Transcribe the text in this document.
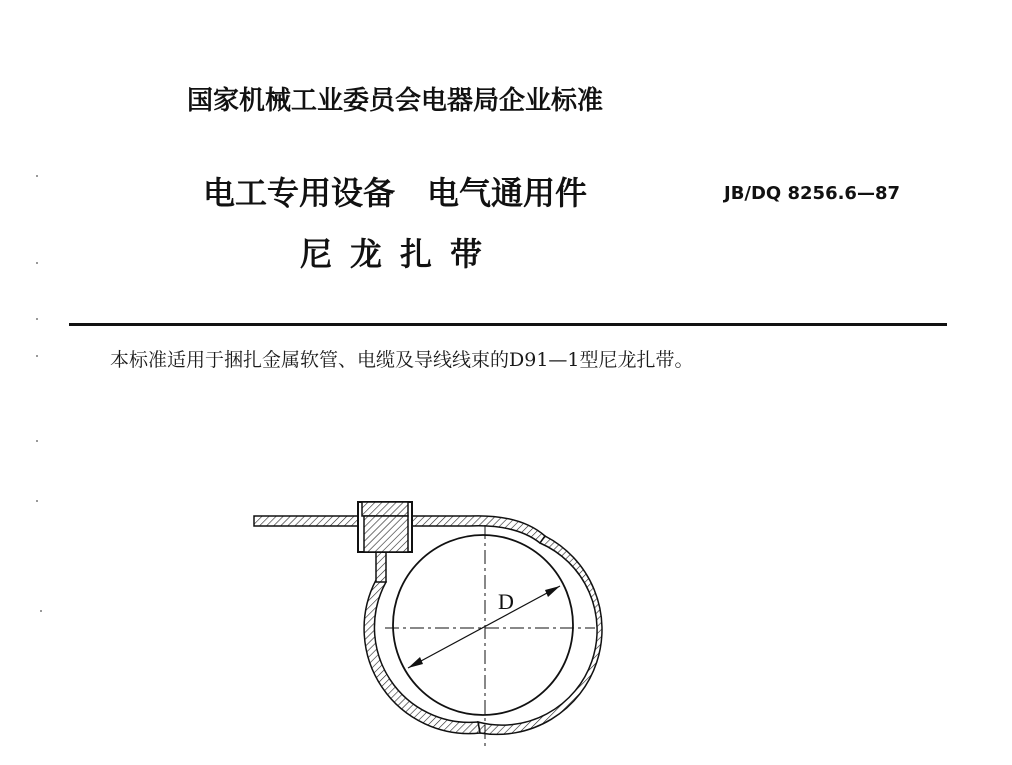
国家机械工业委员会电器局企业标准
电工专用设备　电气通用件	JB/DQ 8256.6—87
尼龙扎带
本标准适用于捆扎金属软管、电缆及导线线束的D91—1型尼龙扎带。
D
